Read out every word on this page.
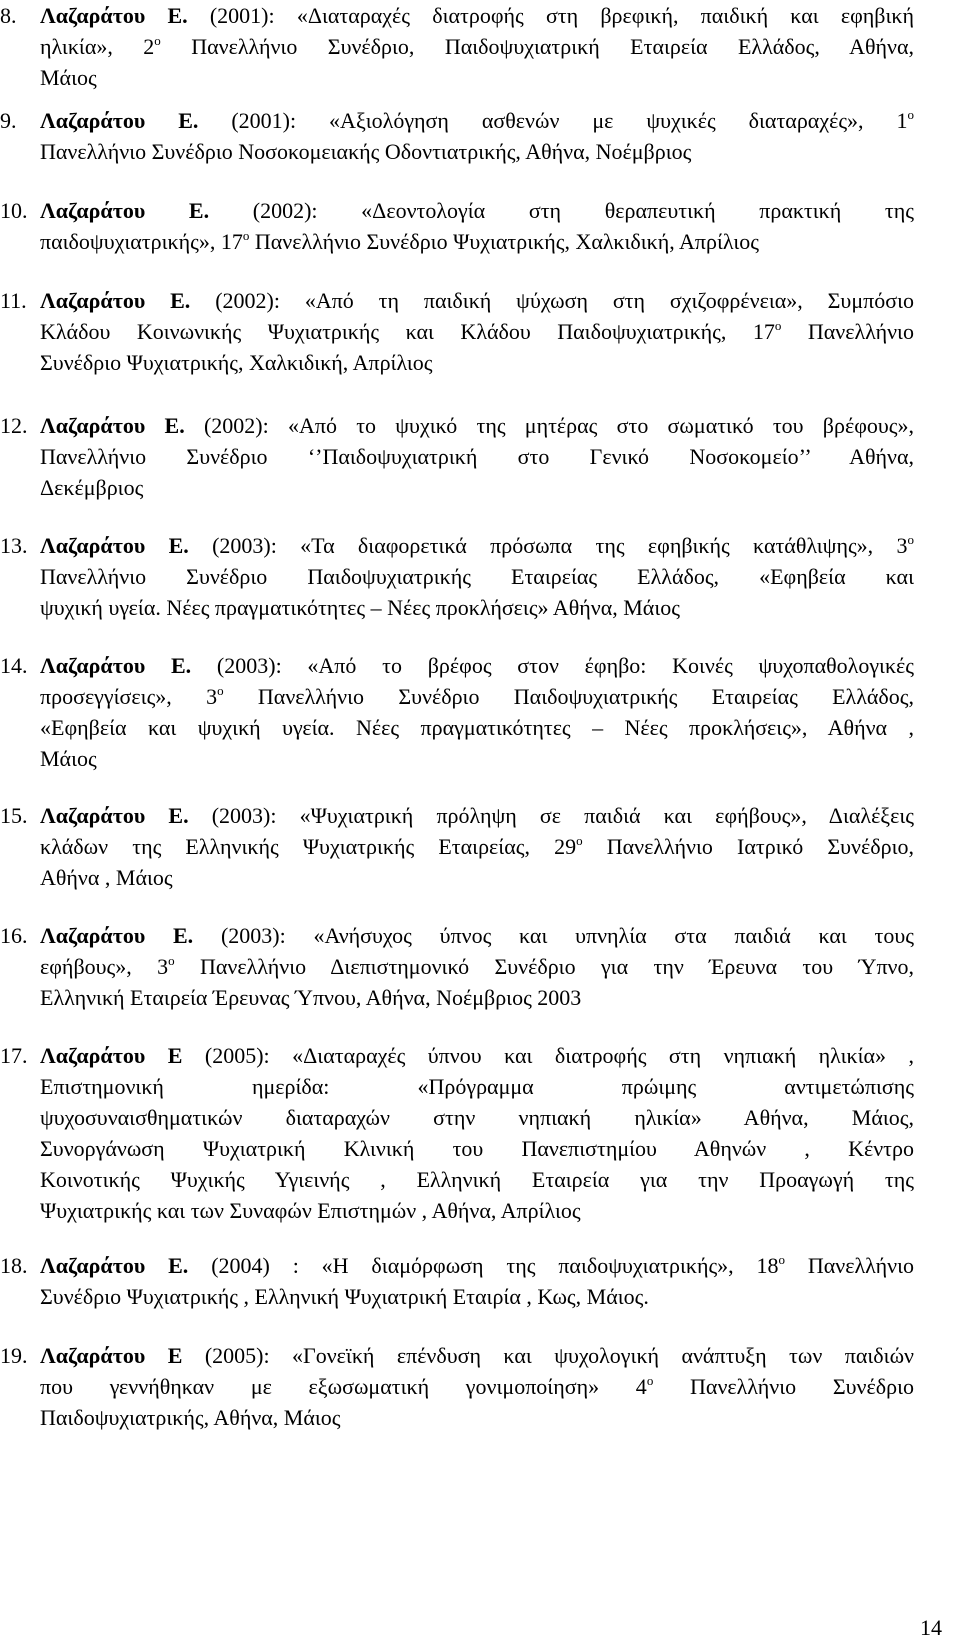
8. Λαζαράτου Ε. (2001): «Διαταραχές διατροφής στη βρεφική, παιδική και εφηβική
ηλικία», $2^o$ Πανελλήνιο Συνέδριο, Παιδοψυχιατρική Εταιρεία Ελλάδος, Αθήνα,
Μάιος
9. Λαζαράτου Ε. (2001): «Αξιολόγηση ασθενών με ψυχικές διαταραχές», $1^o$
Πανελλήνιο Συνέδριο Νοσοκομειακής Οδοντιατρικής, Αθήνα, Νοέμβριος
10. Λαζαράτου Ε. (2002): «Δεοντολογία στη θεραπευτική πρακτική της
παιδοψυχιατρικής», $17^o$ Πανελλήνιο Συνέδριο Ψυχιατρικής, Χαλκιδική, Απρίλιος
11. Λαζαράτου Ε. (2002): «Από τη παιδική ψύχωση στη σχιζοφρένεια», Συμπόσιο
Κλάδου Κοινωνικής Ψυχιατρικής και Κλάδου Παιδοψυχιατρικής, $17^o$ Πανελλήνιο
Συνέδριο Ψυχιατρικής, Χαλκιδική, Απρίλιος
12. Λαζαράτου Ε. (2002): «Από το ψυχικό της μητέρας στο σωματικό του βρέφους»,
Πανελλήνιο Συνέδριο ‘’Παιδοψυχιατρική στο Γενικό Νοσοκομείο’’ Αθήνα,
Δεκέμβριος
13. Λαζαράτου Ε. (2003): «Τα διαφορετικά πρόσωπα της εφηβικής κατάθλιψης», $3^o$
Πανελλήνιο Συνέδριο Παιδοψυχιατρικής Εταιρείας Ελλάδος, «Εφηβεία και
ψυχική υγεία. Νέες πραγματικότητες – Νέες προκλήσεις» Αθήνα, Μάιος
14. Λαζαράτου Ε. (2003): «Από το βρέφος στον έφηβο: Κοινές ψυχοπαθολογικές
προσεγγίσεις», $3^o$ Πανελλήνιο Συνέδριο Παιδοψυχιατρικής Εταιρείας Ελλάδος,
«Εφηβεία και ψυχική υγεία. Νέες πραγματικότητες – Νέες προκλήσεις», Αθήνα ,
Μάιος
15. Λαζαράτου Ε. (2003): «Ψυχιατρική πρόληψη σε παιδιά και εφήβους», Διαλέξεις
κλάδων της Ελληνικής Ψυχιατρικής Εταιρείας, $29^o$ Πανελλήνιο Ιατρικό Συνέδριο,
Αθήνα , Μάιος
16. Λαζαράτου Ε. (2003): «Ανήσυχος ύπνος και υπνηλία στα παιδιά και τους
εφήβους», $3^o$ Πανελλήνιο Διεπιστημονικό Συνέδριο για την Έρευνα του Ύπνο,
Ελληνική Εταιρεία Έρευνας Ύπνου, Αθήνα, Νοέμβριος 2003
17. Λαζαράτου Ε (2005): «Διαταραχές ύπνου και διατροφής στη νηπιακή ηλικία» ,
Επιστημονική ημερίδα: «Πρόγραμμα πρώιμης αντιμετώπισης
ψυχοσυναισθηματικών διαταραχών στην νηπιακή ηλικία» Αθήνα, Μάιος,
Συνοργάνωση Ψυχιατρική Κλινική του Πανεπιστημίου Αθηνών , Κέντρο
Κοινοτικής Ψυχικής Υγιεινής , Ελληνική Εταιρεία για την Προαγωγή της
Ψυχιατρικής και των Συναφών Επιστημών , Αθήνα, Απρίλιος
18. Λαζαράτου Ε. (2004) : «Η διαμόρφωση της παιδοψυχιατρικής», $18^o$ Πανελλήνιο
Συνέδριο Ψυχιατρικής , Ελληνική Ψυχιατρική Εταιρία , Κως, Μάιος.
19. Λαζαράτου Ε (2005): «Γονεϊκή επένδυση και ψυχολογική ανάπτυξη των παιδιών
που γεννήθηκαν με εξωσωματική γονιμοποίηση» $4^o$ Πανελλήνιο Συνέδριο
Παιδοψυχιατρικής, Αθήνα, Μάιος
14
